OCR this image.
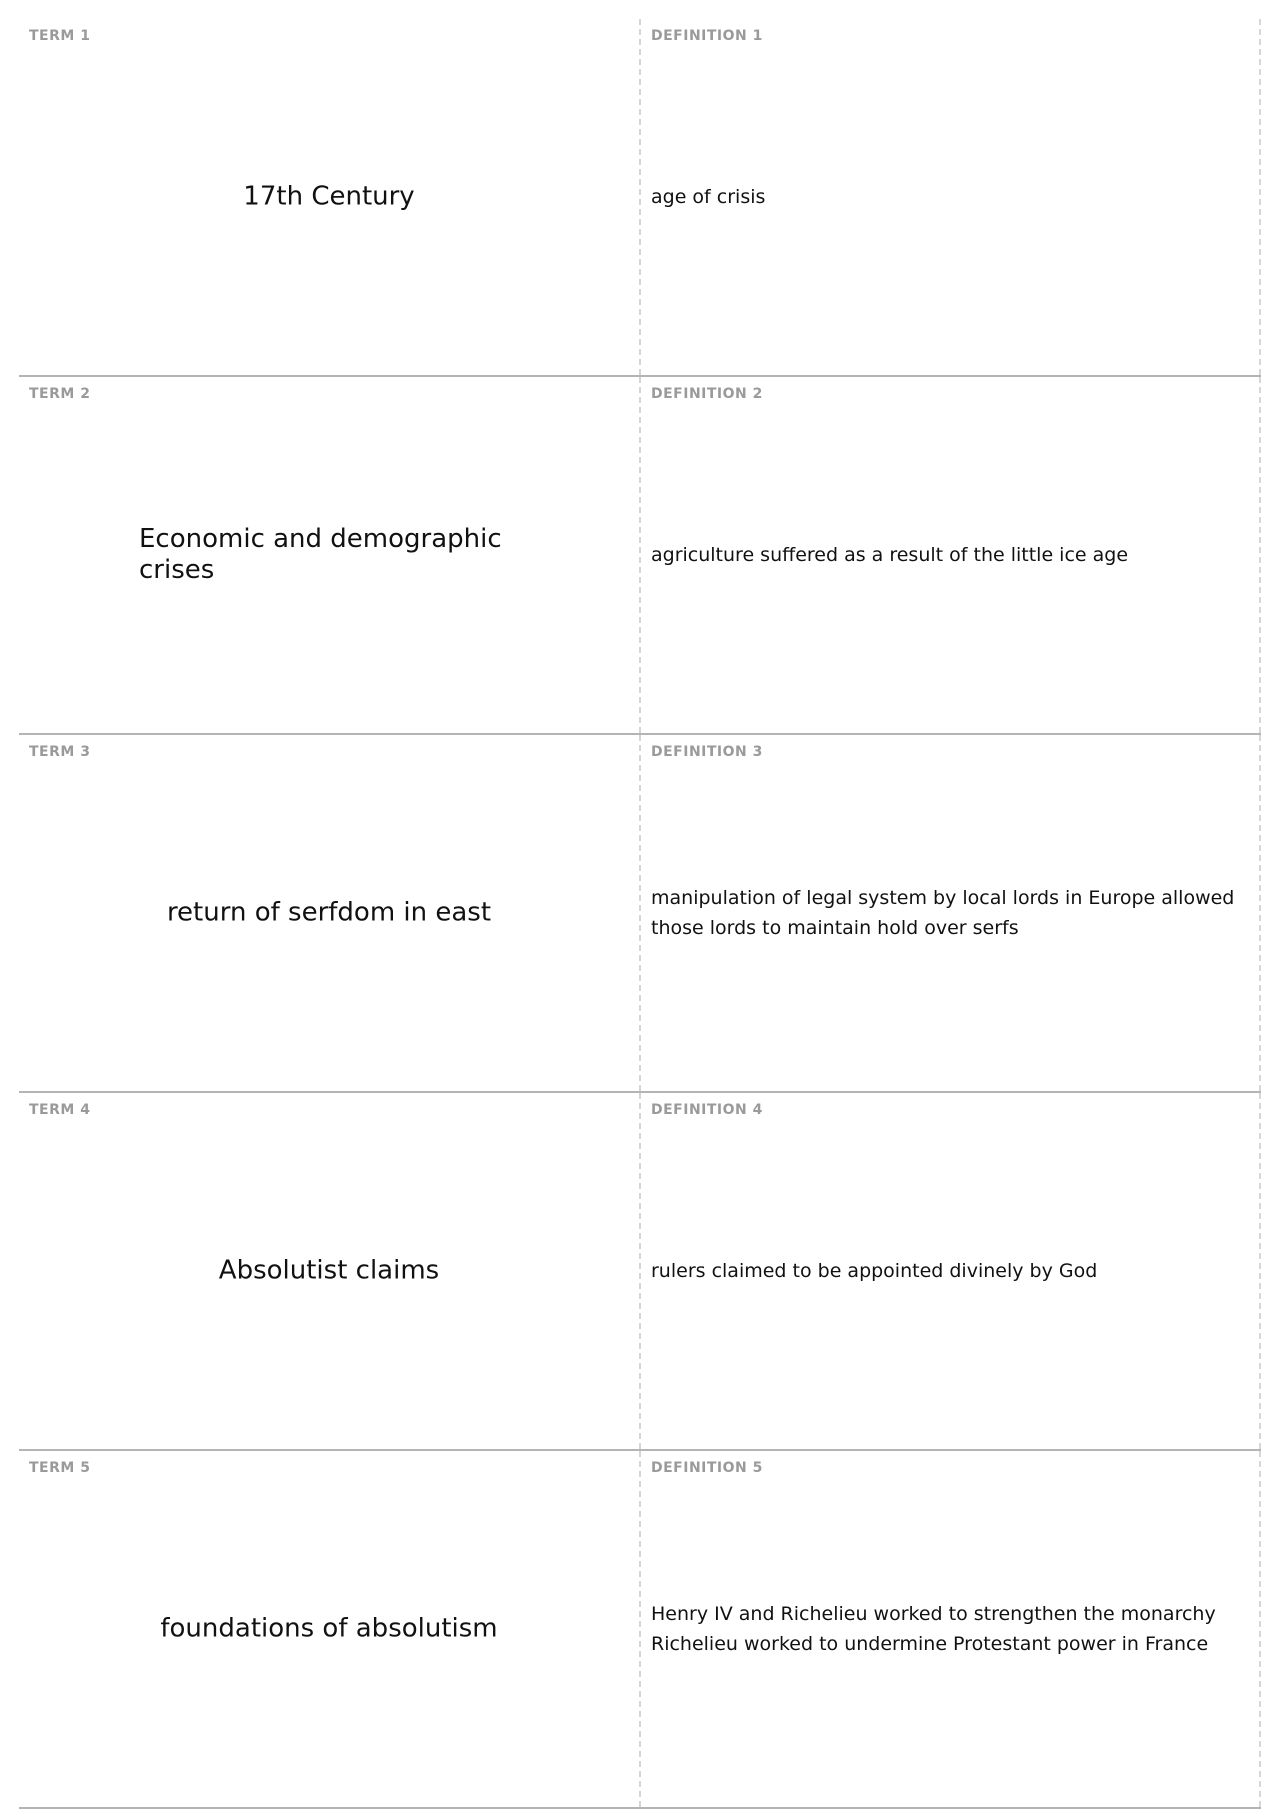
TERM 1
17th Century
DEFINITION 1
age of crisis
TERM 2
Economic and demographic crises
DEFINITION 2
agriculture suffered as a result of the little ice age
TERM 3
return of serfdom in east
DEFINITION 3
manipulation of legal system by local lords in Europe allowed those lords to maintain hold over serfs
TERM 4
Absolutist claims
DEFINITION 4
rulers claimed to be appointed divinely by God
TERM 5
foundations of absolutism
DEFINITION 5
Henry IV and Richelieu worked to strengthen the monarchy Richelieu worked to undermine Protestant power in France
